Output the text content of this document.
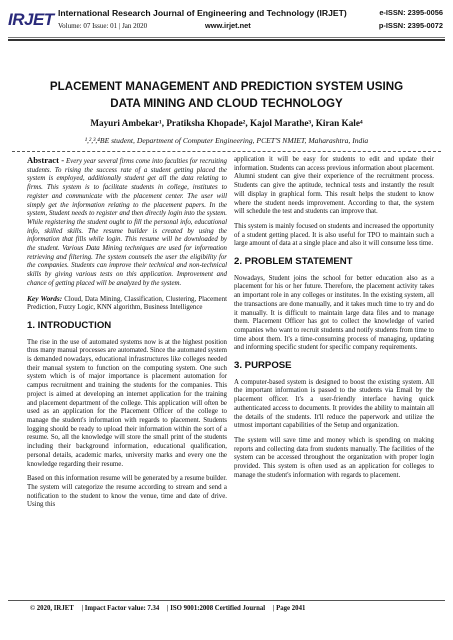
IRJET International Research Journal of Engineering and Technology (IRJET)	e-ISSN: 2395-0056
Volume: 07 Issue: 01 | Jan 2020	www.irjet.net	p-ISSN: 2395-0072
PLACEMENT MANAGEMENT AND PREDICTION SYSTEM USING DATA MINING AND CLOUD TECHNOLOGY
Mayuri Ambekar¹, Pratiksha Khopade², Kajol Marathe³, Kiran Kale⁴
¹,²,³,⁴BE student, Department of Computer Engineering, PCET'S NMIET, Maharashtra, India

Abstract - Every year several firms come into faculties for recruiting students. To rising the success rate of a student getting placed the system is employed, additionally student get all the data relating to firms. This system is to facilitate students in college, institutes to register and communicate with the placement center. The user will simply get the information relating to the placement papers. In the system, Student needs to register and then directly login into the system. While registering the student ought to fill the personal info, educational info, skilled skills. The resume builder is created by using the information that fills while login. This resume will be downloaded by the student. Various Data Mining techniques are used for information retrieving and filtering. The system counsels the user the eligibility for the companies. Students can improve their technical and non-technical skills by giving various tests on this application. Improvement and chance of getting placed will be analyzed by the system.

Key Words: Cloud, Data Mining, Classification, Clustering, Placement Prediction, Fuzzy Logic, KNN algorithm, Business Intelligence

1. INTRODUCTION

The rise in the use of automated systems now is at the highest position thus many manual processes are automated. Since the automated system is demanded nowadays, educational infrastructures like colleges needed their manual system to function on the computing system. One such system which is of major importance is placement automation for campus recruitment and training the students for the companies. This project is aimed at developing an internet application for the training and placement department of the college. This application will often be used as an application for the Placement Officer of the college to manage the student's information with regards to placement. Students logging should be ready to upload their information within the sort of a resume. So, all the knowledge will store the small print of the students including their background information, educational qualification, personal details, academic marks, university marks and every one the knowledge regarding their resume.

Based on this information resume will be generated by a resume builder. The system will categorize the resume according to stream and send a notification to the student to know the venue, time and date of drive. Using this

application it will be easy for students to edit and update their information. Students can access previous information about placement. Alumni student can give their experience of the recruitment process. Students can give the aptitude, technical tests and instantly the result will display in graphical form. This result helps the student to know where the student needs improvement. According to that, the system will schedule the test and students can improve that.

This system is mainly focused on students and increased the opportunity of a student getting placed. It is also useful for TPO to maintain such a large amount of data at a single place and also it will consume less time.

2. PROBLEM STATEMENT

Nowadays, Student joins the school for better education also as a placement for his or her future. Therefore, the placement activity takes an important role in any colleges or institutes. In the existing system, all the transactions are done manually, and it takes much time to try and do it manually. It is difficult to maintain large data files and to manage them. Placement Officer has got to collect the knowledge of varied companies who want to recruit students and notify students from time to time about them. It's a time-consuming process of managing, updating and informing specific student for specific company requirements.

3. PURPOSE

A computer-based system is designed to boost the existing system. All the important information is passed to the students via Email by the placement officer. It's a user-friendly interface having quick authenticated access to documents. It provides the ability to maintain all the details of the students. It'll reduce the paperwork and utilize the utmost important capabilities of the Setup and organization.

The system will save time and money which is spending on making reports and collecting data from students manually. The facilities of the system can be accessed throughout the organization with proper login provided. This system is often used as an application for colleges to manage the student's information with regards to placement.

© 2020, IRJET | Impact Factor value: 7.34 | ISO 9001:2008 Certified Journal | Page 2041
